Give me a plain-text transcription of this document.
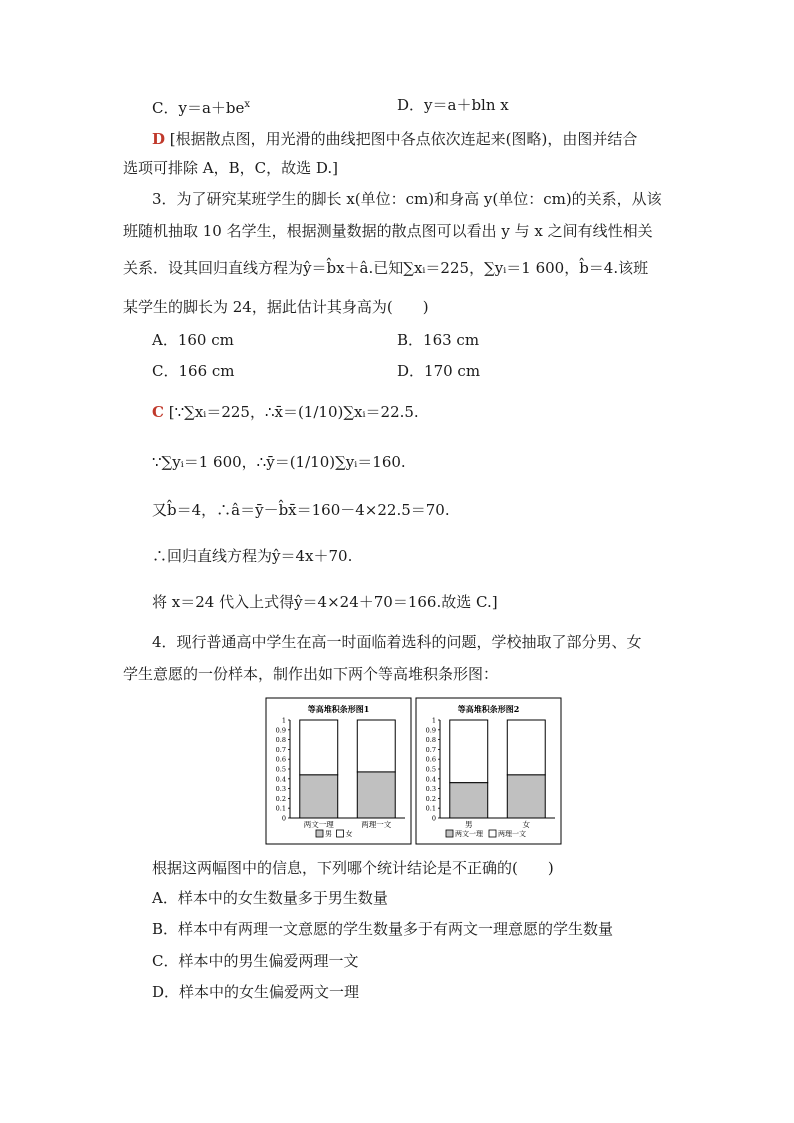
C．$y=a+be^x$	D．y＝a＋bln x
D [根据散点图，用光滑的曲线把图中各点依次连起来(图略)，由图并结合
选项可排除 A，B，C，故选 D.]
3．为了研究某班学生的脚长 x(单位：cm)和身高 y(单位：cm)的关系，从该
班随机抽取 10 名学生，根据测量数据的散点图可以看出 y 与 x 之间有线性相关
关系．设其回归直线方程为ŷ＝b̂x＋â.已知∑xᵢ＝225，∑yᵢ＝1 600，b̂＝4.该班
某学生的脚长为 24，据此估计其身高为(　　)
A．160 cm	B．163 cm
C．166 cm	D．170 cm
C [∵∑xᵢ＝225，∴x̄＝(1/10)∑xᵢ＝22.5.
∵∑yᵢ＝1 600，∴ȳ＝(1/10)∑yᵢ＝160.
又b̂＝4，∴â＝ȳ－b̂x̄＝160－4×22.5＝70.
∴回归直线方程为ŷ＝4x＋70.
将 x＝24 代入上式得ŷ＝4×24＋70＝166.故选 C.]
4．现行普通高中学生在高一时面临着选科的问题，学校抽取了部分男、女
学生意愿的一份样本，制作出如下两个等高堆积条形图：
等高堆积条形图1
0
0.1
0.2
0.3
0.4
0.5
0.6
0.7
0.8
0.9
1
两文一理	两理一文
男 女
等高堆积条形图2
0
0.1
0.2
0.3
0.4
0.5
0.6
0.7
0.8
0.9
1
男	女
两文一理 两理一文
根据这两幅图中的信息，下列哪个统计结论是不正确的(　　)
A．样本中的女生数量多于男生数量
B．样本中有两理一文意愿的学生数量多于有两文一理意愿的学生数量
C．样本中的男生偏爱两理一文
D．样本中的女生偏爱两文一理
